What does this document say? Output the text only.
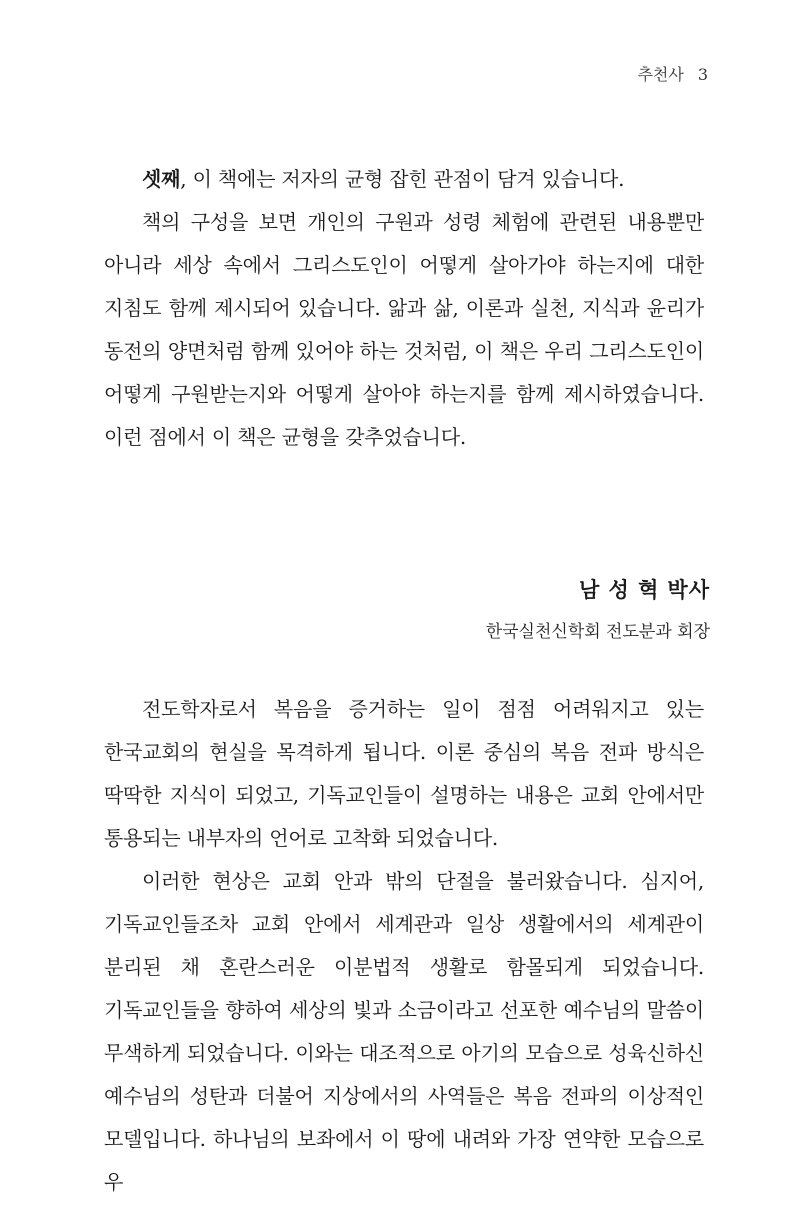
추천사 3

셋째, 이 책에는 저자의 균형 잡힌 관점이 담겨 있습니다.

책의 구성을 보면 개인의 구원과 성령 체험에 관련된 내용뿐만 아니라 세상 속에서 그리스도인이 어떻게 살아가야 하는지에 대한 지침도 함께 제시되어 있습니다. 앎과 삶, 이론과 실천, 지식과 윤리가 동전의 양면처럼 함께 있어야 하는 것처럼, 이 책은 우리 그리스도인이 어떻게 구원받는지와 어떻게 살아야 하는지를 함께 제시하였습니다. 이런 점에서 이 책은 균형을 갖추었습니다.

남 성 혁 박사
한국실천신학회 전도분과 회장

전도학자로서 복음을 증거하는 일이 점점 어려워지고 있는 한국교회의 현실을 목격하게 됩니다. 이론 중심의 복음 전파 방식은 딱딱한 지식이 되었고, 기독교인들이 설명하는 내용은 교회 안에서만 통용되는 내부자의 언어로 고착화 되었습니다.

이러한 현상은 교회 안과 밖의 단절을 불러왔습니다. 심지어, 기독교인들조차 교회 안에서 세계관과 일상 생활에서의 세계관이 분리된 채 혼란스러운 이분법적 생활로 함몰되게 되었습니다. 기독교인들을 향하여 세상의 빛과 소금이라고 선포한 예수님의 말씀이 무색하게 되었습니다. 이와는 대조적으로 아기의 모습으로 성육신하신 예수님의 성탄과 더불어 지상에서의 사역들은 복음 전파의 이상적인 모델입니다. 하나님의 보좌에서 이 땅에 내려와 가장 연약한 모습으로 우
